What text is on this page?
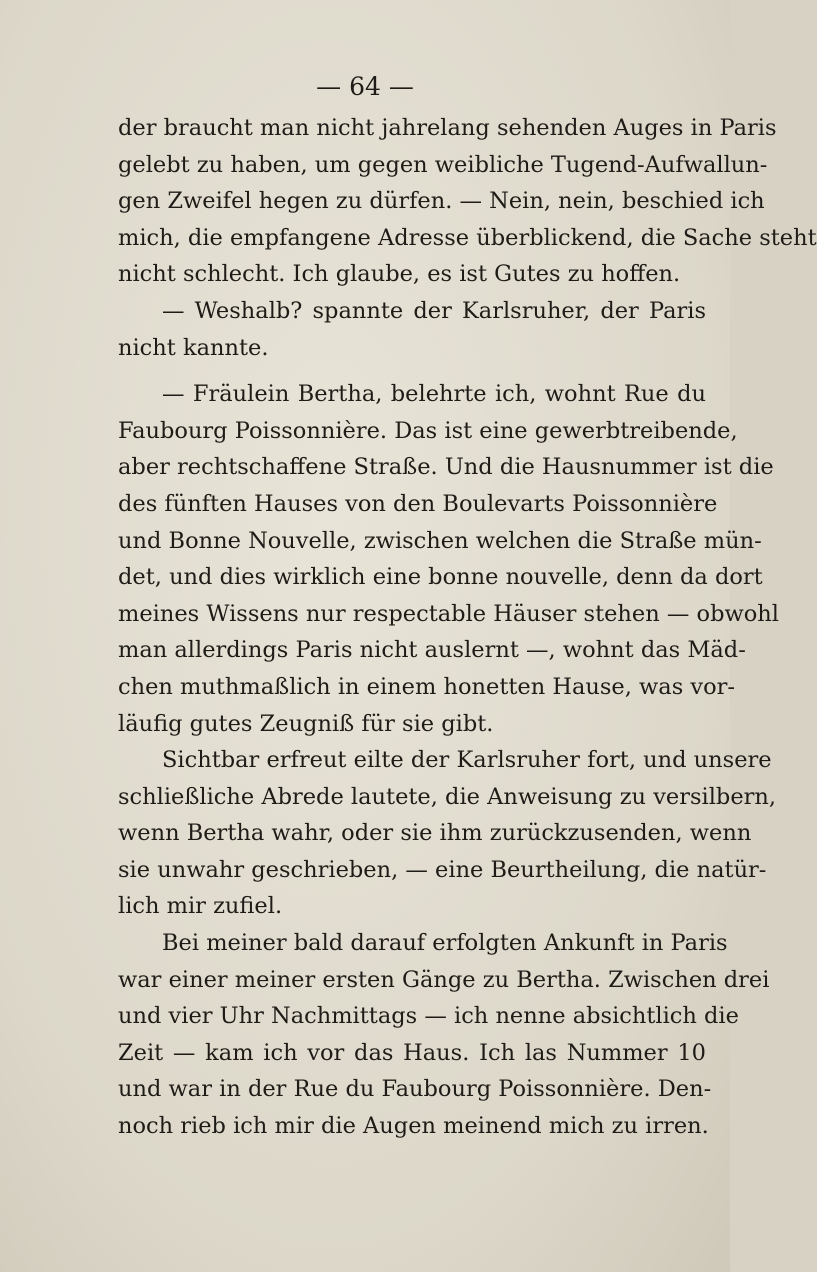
— 64 —
der braucht man nicht jahrelang sehenden Auges in Paris
gelebt zu haben, um gegen weibliche Tugend-Aufwallun-
gen Zweifel hegen zu dürfen. — Nein, nein, beschied ich
mich, die empfangene Adresse überblickend, die Sache steht
nicht schlecht. Ich glaube, es ist Gutes zu hoffen.
— Weshalb? spannte der Karlsruher, der Paris
nicht kannte.
— Fräulein Bertha, belehrte ich, wohnt Rue du
Faubourg Poissonnière. Das ist eine gewerbtreibende,
aber rechtschaffene Straße. Und die Hausnummer ist die
des fünften Hauses von den Boulevarts Poissonnière
und Bonne Nouvelle, zwischen welchen die Straße mün-
det, und dies wirklich eine bonne nouvelle, denn da dort
meines Wissens nur respectable Häuser stehen — obwohl
man allerdings Paris nicht auslernt —, wohnt das Mäd-
chen muthmaßlich in einem honetten Hause, was vor-
läufig gutes Zeugniß für sie gibt.
Sichtbar erfreut eilte der Karlsruher fort, und unsere
schließliche Abrede lautete, die Anweisung zu versilbern,
wenn Bertha wahr, oder sie ihm zurückzusenden, wenn
sie unwahr geschrieben, — eine Beurtheilung, die natür-
lich mir zufiel.
Bei meiner bald darauf erfolgten Ankunft in Paris
war einer meiner ersten Gänge zu Bertha. Zwischen drei
und vier Uhr Nachmittags — ich nenne absichtlich die
Zeit — kam ich vor das Haus. Ich las Nummer 10
und war in der Rue du Faubourg Poissonnière. Den-
noch rieb ich mir die Augen meinend mich zu irren.
